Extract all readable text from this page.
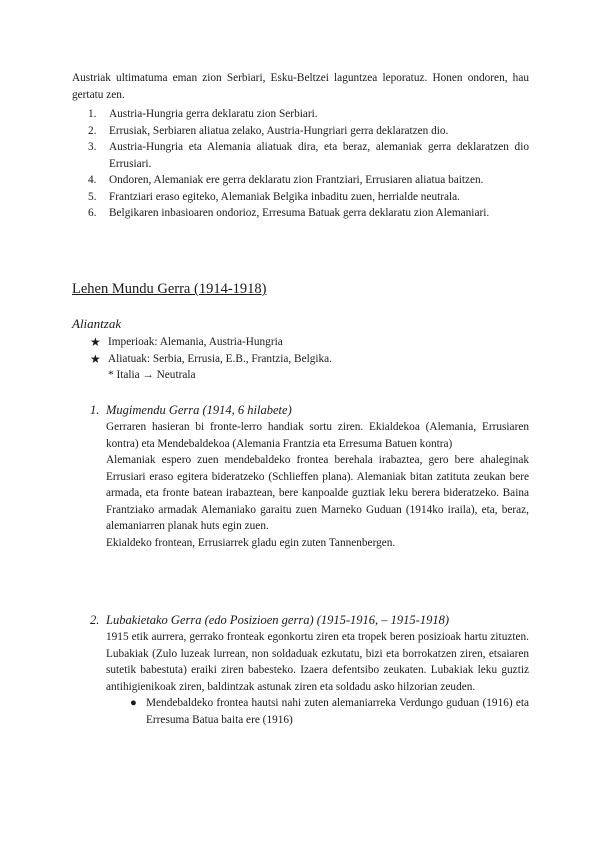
Austriak ultimatuma eman zion Serbiari, Esku-Beltzei laguntzea leporatuz. Honen ondoren, hau gertatu zen.
1. Austria-Hungria gerra deklaratu zion Serbiari.
2. Errusiak, Serbiaren aliatua zelako, Austria-Hungriari gerra deklaratzen dio.
3. Austria-Hungria eta Alemania aliatuak dira, eta beraz, alemaniak gerra deklaratzen dio Errusiari.
4. Ondoren, Alemaniak ere gerra deklaratu zion Frantziari, Errusiaren aliatua baitzen.
5. Frantziari eraso egiteko, Alemaniak Belgika inbaditu zuen, herrialde neutrala.
6. Belgikaren inbasioaren ondorioz, Erresuma Batuak gerra deklaratu zion Alemaniari.
Lehen Mundu Gerra (1914-1918)
Aliantzak
★ Imperioak: Alemania, Austria-Hungria
★ Aliatuak: Serbia, Errusia, E.B., Frantzia, Belgika.
* Italia → Neutrala
1. Mugimendu Gerra (1914, 6 hilabete)
Gerraren hasieran bi fronte-lerro handiak sortu ziren. Ekialdekoa (Alemania, Errusiaren kontra) eta Mendebaldekoa (Alemania Frantzia eta Erresuma Batuen kontra)
Alemaniak espero zuen mendebaldeko frontea berehala irabaztea, gero bere ahaleginak Errusiari eraso egitera bideratzeko (Schlieffen plana). Alemaniak bitan zatituta zeukan bere armada, eta fronte batean irabaztean, bere kanpoalde guztiak leku berera bideratzeko. Baina Frantziako armadak Alemaniako garaitu zuen Marneko Guduan (1914ko iraila), eta, beraz, alemaniarren planak huts egin zuen.
Ekialdeko frontean, Errusiarrek gladu egin zuten Tannenbergen.
2. Lubakietako Gerra (edo Posizioen gerra) (1915-1916, – 1915-1918)
1915 etik aurrera, gerrako fronteak egonkortu ziren eta tropek beren posizioak hartu zituzten. Lubakiak (Zulo luzeak lurrean, non soldaduak ezkutatu, bizi eta borrokatzen ziren, etsaiaren sutetik babestuta) eraiki ziren babesteko. Izaera defentsibo zeukaten. Lubakiak leku guztiz antihigienikoak ziren, baldintzak astunak ziren eta soldadu asko hilzorian zeuden.
● Mendebaldeko frontea hautsi nahi zuten alemaniarreka Verdungo guduan (1916) eta Erresuma Batua baita ere (1916)
